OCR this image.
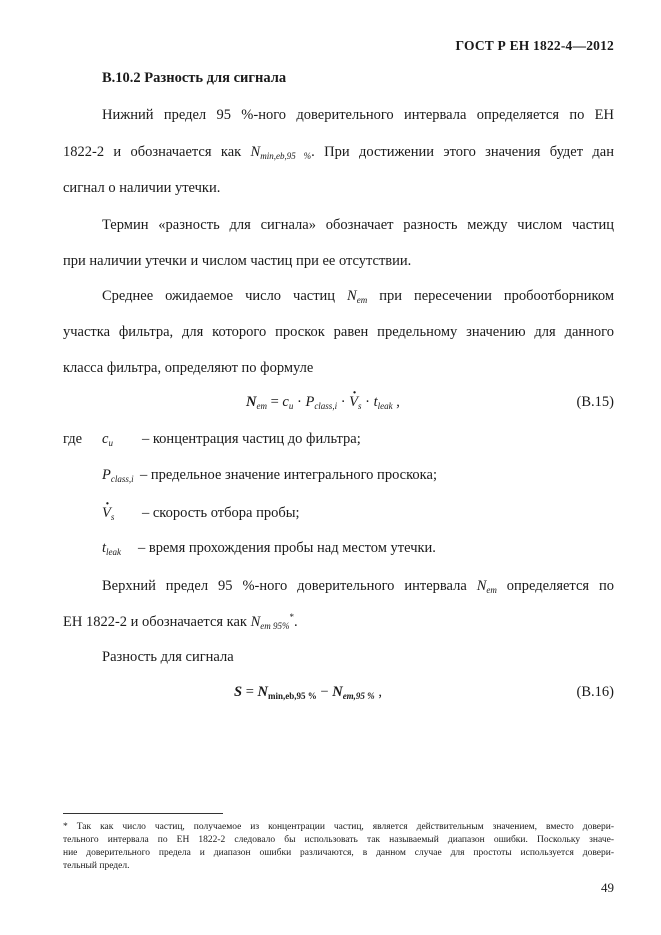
ГОСТ Р ЕН 1822-4—2012
B.10.2 Разность для сигнала
Нижний предел 95 %-ного доверительного интервала определяется по ЕН
1822-2 и обозначается как $N_{min,eb,95 \%}$. При достижении этого значения будет дан
сигнал о наличии утечки.
Термин «разность для сигнала» обозначает разность между числом частиц
при наличии утечки и числом частиц при ее отсутствии.
Среднее ожидаемое число частиц $N_{em}$ при пересечении пробоотборником
участка фильтра, для которого проскок равен предельному значению для данного
класса фильтра, определяют по формуле
$N_{em} = c_u \cdot P_{class,i}$ · · $V_s \cdot t_{leak}$ ,	(B.15)
где $c_u$ – концентрация частиц до фильтра;
$P_{class,i}$ – предельное значение интегрального проскока;
· $V_s$ – скорость отбора пробы;
$t_{leak}$ – время прохождения пробы над местом утечки.
Верхний предел 95 %-ного доверительного интервала $N_{em}$ определяется по
ЕН 1822-2 и обозначается как $N_{em 95\%}^*$.
Разность для сигнала
$S = N_{min,eb,95 \%} - N_{em,95 \%}$ ,	(B.16)
* Так как число частиц, получаемое из концентрации частиц, является действительным значением, вместо довери-
тельного интервала по ЕН 1822-2 следовало бы использовать так называемый диапазон ошибки. Поскольку значе-
ние доверительного предела и диапазон ошибки различаются, в данном случае для простоты используется довери-
тельный предел.
49
